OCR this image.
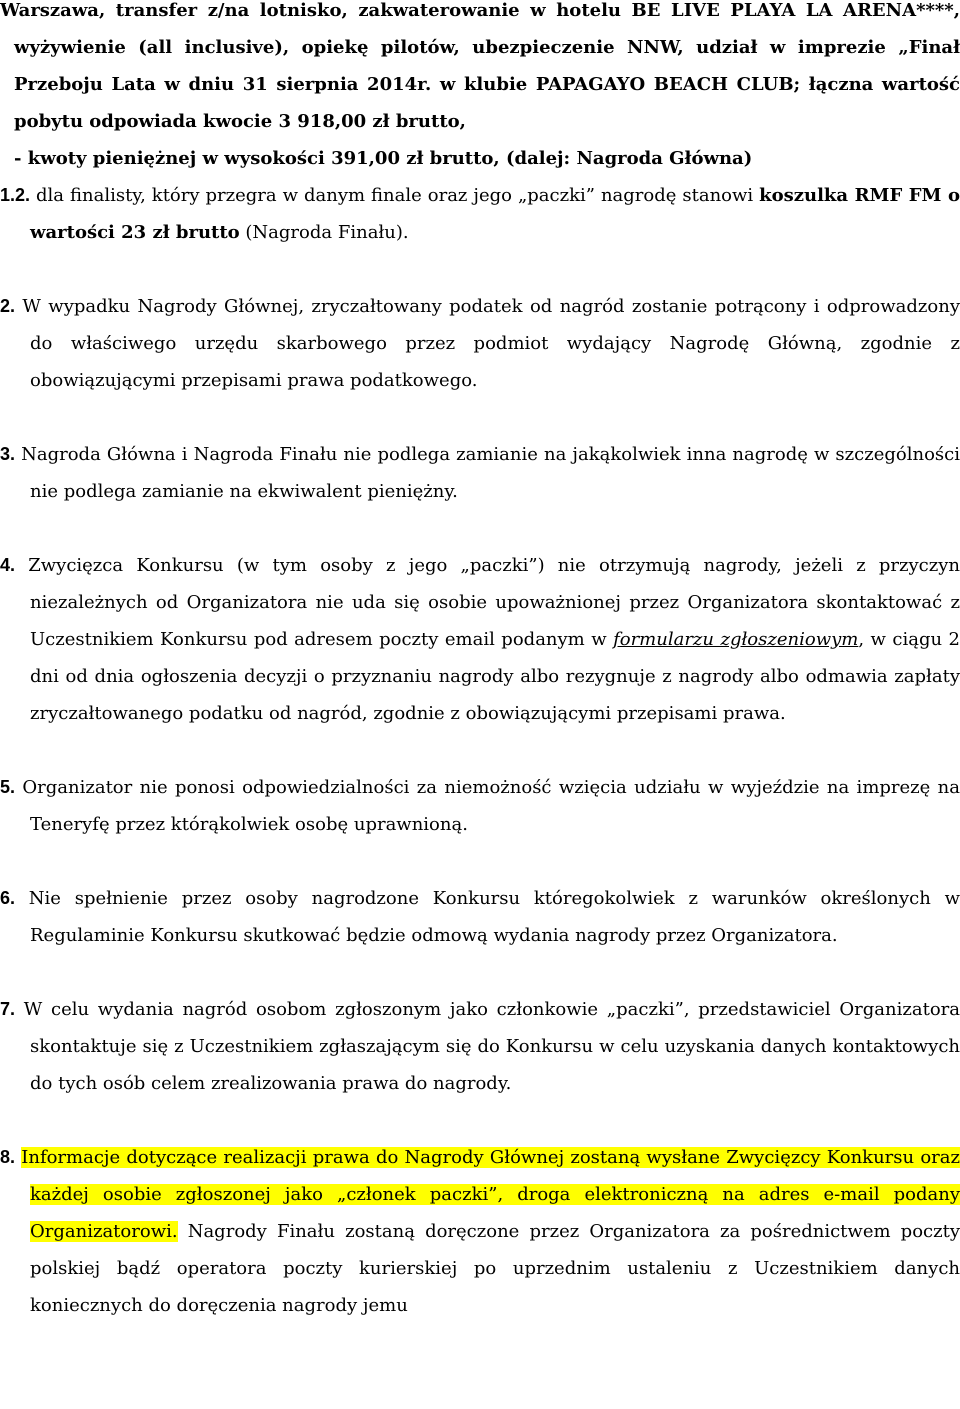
Warszawa, transfer z/na lotnisko, zakwaterowanie w hotelu BE LIVE PLAYA LA ARENA****, wyżywienie (all inclusive), opiekę pilotów, ubezpieczenie NNW, udział w imprezie „Finał Przeboju Lata w dniu 31 sierpnia 2014r. w klubie PAPAGAYO BEACH CLUB; łączna wartość pobytu odpowiada kwocie 3 918,00 zł brutto,
- kwoty pieniężnej w wysokości 391,00 zł brutto, (dalej: Nagroda Główna)

1.2. dla finalisty, który przegra w danym finale oraz jego „paczki” nagrodę stanowi koszulka RMF FM o wartości 23 zł brutto (Nagroda Finału).

2. W wypadku Nagrody Głównej, zryczałtowany podatek od nagród zostanie potrącony i odprowadzony do właściwego urzędu skarbowego przez podmiot wydający Nagrodę Główną, zgodnie z obowiązującymi przepisami prawa podatkowego.

3. Nagroda Główna i Nagroda Finału nie podlega zamianie na jakąkolwiek inna nagrodę w szczególności nie podlega zamianie na ekwiwalent pieniężny.

4. Zwycięzca Konkursu (w tym osoby z jego „paczki”) nie otrzymują nagrody, jeżeli z przyczyn niezależnych od Organizatora nie uda się osobie upoważnionej przez Organizatora skontaktować z Uczestnikiem Konkursu pod adresem poczty email podanym w formularzu zgłoszeniowym, w ciągu 2 dni od dnia ogłoszenia decyzji o przyznaniu nagrody albo rezygnuje z nagrody albo odmawia zapłaty zryczałtowanego podatku od nagród, zgodnie z obowiązującymi przepisami prawa.

5. Organizator nie ponosi odpowiedzialności za niemożność wzięcia udziału w wyjeździe na imprezę na Teneryfę przez którąkolwiek osobę uprawnioną.

6. Nie spełnienie przez osoby nagrodzone Konkursu któregokolwiek z warunków określonych w Regulaminie Konkursu skutkować będzie odmową wydania nagrody przez Organizatora.

7. W celu wydania nagród osobom zgłoszonym jako członkowie „paczki”, przedstawiciel Organizatora skontaktuje się z Uczestnikiem zgłaszającym się do Konkursu w celu uzyskania danych kontaktowych do tych osób celem zrealizowania prawa do nagrody.

8. Informacje dotyczące realizacji prawa do Nagrody Głównej zostaną wysłane Zwycięzcy Konkursu oraz każdej osobie zgłoszonej jako „członek paczki”, droga elektroniczną na adres e-mail podany Organizatorowi. Nagrody Finału zostaną doręczone przez Organizatora za pośrednictwem poczty polskiej bądź operatora poczty kurierskiej po uprzednim ustaleniu z Uczestnikiem danych koniecznych do doręczenia nagrody jemu
